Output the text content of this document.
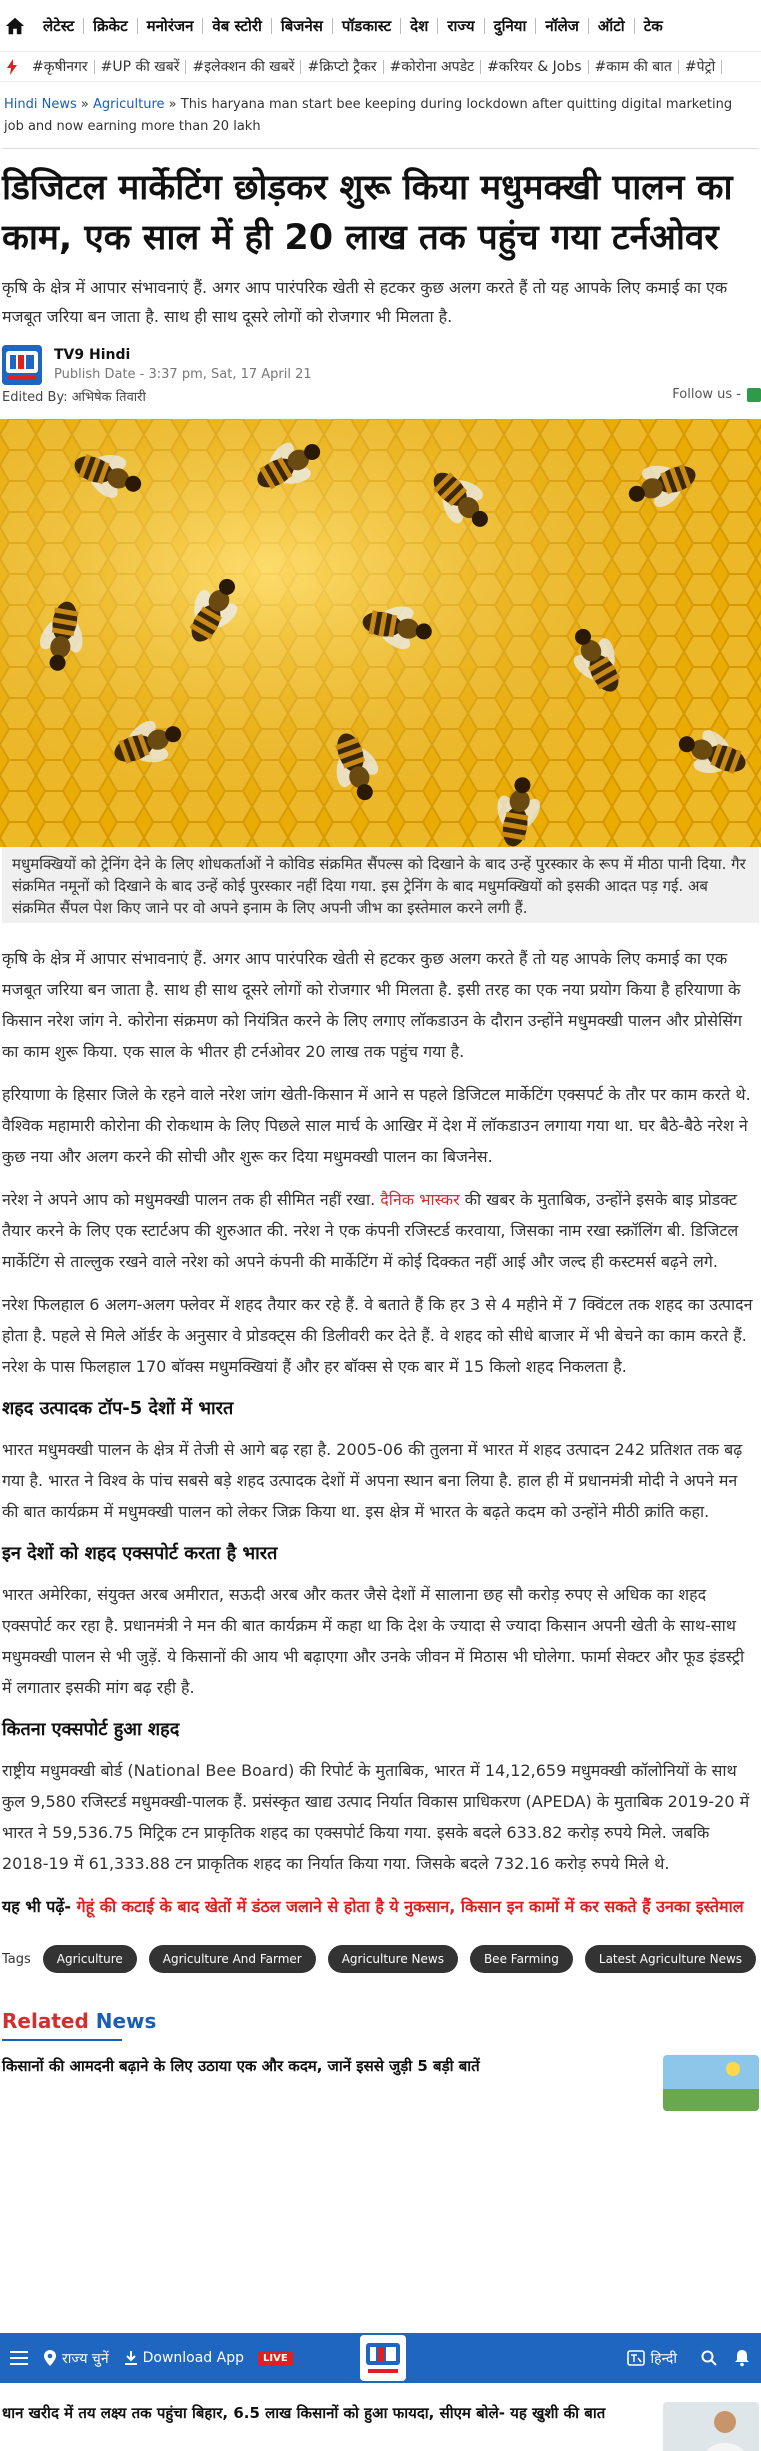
लेटेस्ट	क्रिकेट	मनोरंजन	वेब स्टोरी	बिजनेस	पॉडकास्ट	देश	राज्य	दुनिया	नॉलेज	ऑटो	टेक
#कृषीनगर #UP की खबरें #इलेक्शन की खबरें #क्रिप्टो ट्रैकर #कोरोना अपडेट #करियर & Jobs #काम की बात #पेट्रो
Hindi News » Agriculture » This haryana man start bee keeping during lockdown after quitting digital marketing job and now earning more than 20 lakh
डिजिटल मार्केटिंग छोड़कर शुरू किया मधुमक्खी पालन का काम, एक साल में ही 20 लाख तक पहुंच गया टर्नओवर

कृषि के क्षेत्र में आपार संभावनाएं हैं. अगर आप पारंपरिक खेती से हटकर कुछ अलग करते हैं तो यह आपके लिए कमाई का एक मजबूत जरिया बन जाता है. साथ ही साथ दूसरे लोगों को रोजगार भी मिलता है.

TV9 Hindi
Publish Date - 3:37 pm, Sat, 17 April 21
Edited By: अभिषेक तिवारी	Follow us -
मधुमक्खियों को ट्रेनिंग देने के लिए शोधकर्ताओं ने कोविड संक्रमित सैंपल्स को दिखाने के बाद उन्हें पुरस्कार के रूप में मीठा पानी दिया. गैर संक्रमित नमूनों को दिखाने के बाद उन्हें कोई पुरस्कार नहीं दिया गया. इस ट्रेनिंग के बाद मधुमक्खियों को इसकी आदत पड़ गई. अब संक्रमित सैंपल पेश किए जाने पर वो अपने इनाम के लिए अपनी जीभ का इस्तेमाल करने लगी हैं.

कृषि के क्षेत्र में आपार संभावनाएं हैं. अगर आप पारंपरिक खेती से हटकर कुछ अलग करते हैं तो यह आपके लिए कमाई का एक मजबूत जरिया बन जाता है. साथ ही साथ दूसरे लोगों को रोजगार भी मिलता है. इसी तरह का एक नया प्रयोग किया है हरियाणा के किसान नरेश जांग ने. कोरोना संक्रमण को नियंत्रित करने के लिए लगाए लॉकडाउन के दौरान उन्होंने मधुमक्खी पालन और प्रोसेसिंग का काम शुरू किया. एक साल के भीतर ही टर्नओवर 20 लाख तक पहुंच गया है.

हरियाणा के हिसार जिले के रहने वाले नरेश जांग खेती-किसान में आने स पहले डिजिटल मार्केटिंग एक्सपर्ट के तौर पर काम करते थे. वैश्विक महामारी कोरोना की रोकथाम के लिए पिछले साल मार्च के आखिर में देश में लॉकडाउन लगाया गया था. घर बैठे-बैठे नरेश ने कुछ नया और अलग करने की सोची और शुरू कर दिया मधुमक्खी पालन का बिजनेस.

नरेश ने अपने आप को मधुमक्खी पालन तक ही सीमित नहीं रखा. दैनिक भास्कर की खबर के मुताबिक, उन्होंने इसके बाइ प्रोडक्ट तैयार करने के लिए एक स्टार्टअप की शुरुआत की. नरेश ने एक कंपनी रजिस्टर्ड करवाया, जिसका नाम रखा स्क्रॉलिंग बी. डिजिटल मार्केटिंग से ताल्लुक रखने वाले नरेश को अपने कंपनी की मार्केटिंग में कोई दिक्कत नहीं आई और जल्द ही कस्टमर्स बढ़ने लगे.

नरेश फिलहाल 6 अलग-अलग फ्लेवर में शहद तैयार कर रहे हैं. वे बताते हैं कि हर 3 से 4 महीने में 7 क्विंटल तक शहद का उत्पादन होता है. पहले से मिले ऑर्डर के अनुसार वे प्रोडक्ट्स की डिलीवरी कर देते हैं. वे शहद को सीधे बाजार में भी बेचने का काम करते हैं. नरेश के पास फिलहाल 170 बॉक्स मधुमक्खियां हैं और हर बॉक्स से एक बार में 15 किलो शहद निकलता है.

शहद उत्पादक टॉप-5 देशों में भारत

भारत मधुमक्खी पालन के क्षेत्र में तेजी से आगे बढ़ रहा है. 2005-06 की तुलना में भारत में शहद उत्पादन 242 प्रतिशत तक बढ़ गया है. भारत ने विश्व के पांच सबसे बड़े शहद उत्पादक देशों में अपना स्थान बना लिया है. हाल ही में प्रधानमंत्री मोदी ने अपने मन की बात कार्यक्रम में मधुमक्खी पालन को लेकर जिक्र किया था. इस क्षेत्र में भारत के बढ़ते कदम को उन्होंने मीठी क्रांति कहा.

इन देशों को शहद एक्सपोर्ट करता है भारत

भारत अमेरिका, संयुक्त अरब अमीरात, सऊदी अरब और कतर जैसे देशों में सालाना छह सौ करोड़ रुपए से अधिक का शहद एक्सपोर्ट कर रहा है. प्रधानमंत्री ने मन की बात कार्यक्रम में कहा था कि देश के ज्यादा से ज्यादा किसान अपनी खेती के साथ-साथ मधुमक्खी पालन से भी जुड़ें. ये किसानों की आय भी बढ़ाएगा और उनके जीवन में मिठास भी घोलेगा. फार्मा सेक्टर और फूड इंडस्ट्री में लगातार इसकी मांग बढ़ रही है.

कितना एक्सपोर्ट हुआ शहद

राष्ट्रीय मधुमक्खी बोर्ड (National Bee Board) की रिपोर्ट के मुताबिक, भारत में 14,12,659 मधुमक्खी कॉलोनियों के साथ कुल 9,580 रजिस्टर्ड मधुमक्खी-पालक हैं. प्रसंस्कृत खाद्य उत्पाद निर्यात विकास प्राधिकरण (APEDA) के मुताबिक 2019-20 में भारत ने 59,536.75 मिट्रिक टन प्राकृतिक शहद का एक्सपोर्ट किया गया. इसके बदले 633.82 करोड़ रुपये मिले. जबकि 2018-19 में 61,333.88 टन प्राकृतिक शहद का निर्यात किया गया. जिसके बदले 732.16 करोड़ रुपये मिले थे.

यह भी पढ़ें- गेहूं की कटाई के बाद खेतों में डंठल जलाने से होता है ये नुकसान, किसान इन कामों में कर सकते हैं उनका इस्तेमाल

Tags	Agriculture	Agriculture And Farmer	Agriculture News	Bee Farming	Latest Agriculture News
Related News
किसानों की आमदनी बढ़ाने के लिए उठाया एक और कदम, जानें इससे जुड़ी 5 बड़ी बातें
राज्य चुनें Download App	LIVE	हिन्दी
धान खरीद में तय लक्ष्य तक पहुंचा बिहार, 6.5 लाख किसानों को हुआ फायदा, सीएम बोले- यह खुशी की बात
